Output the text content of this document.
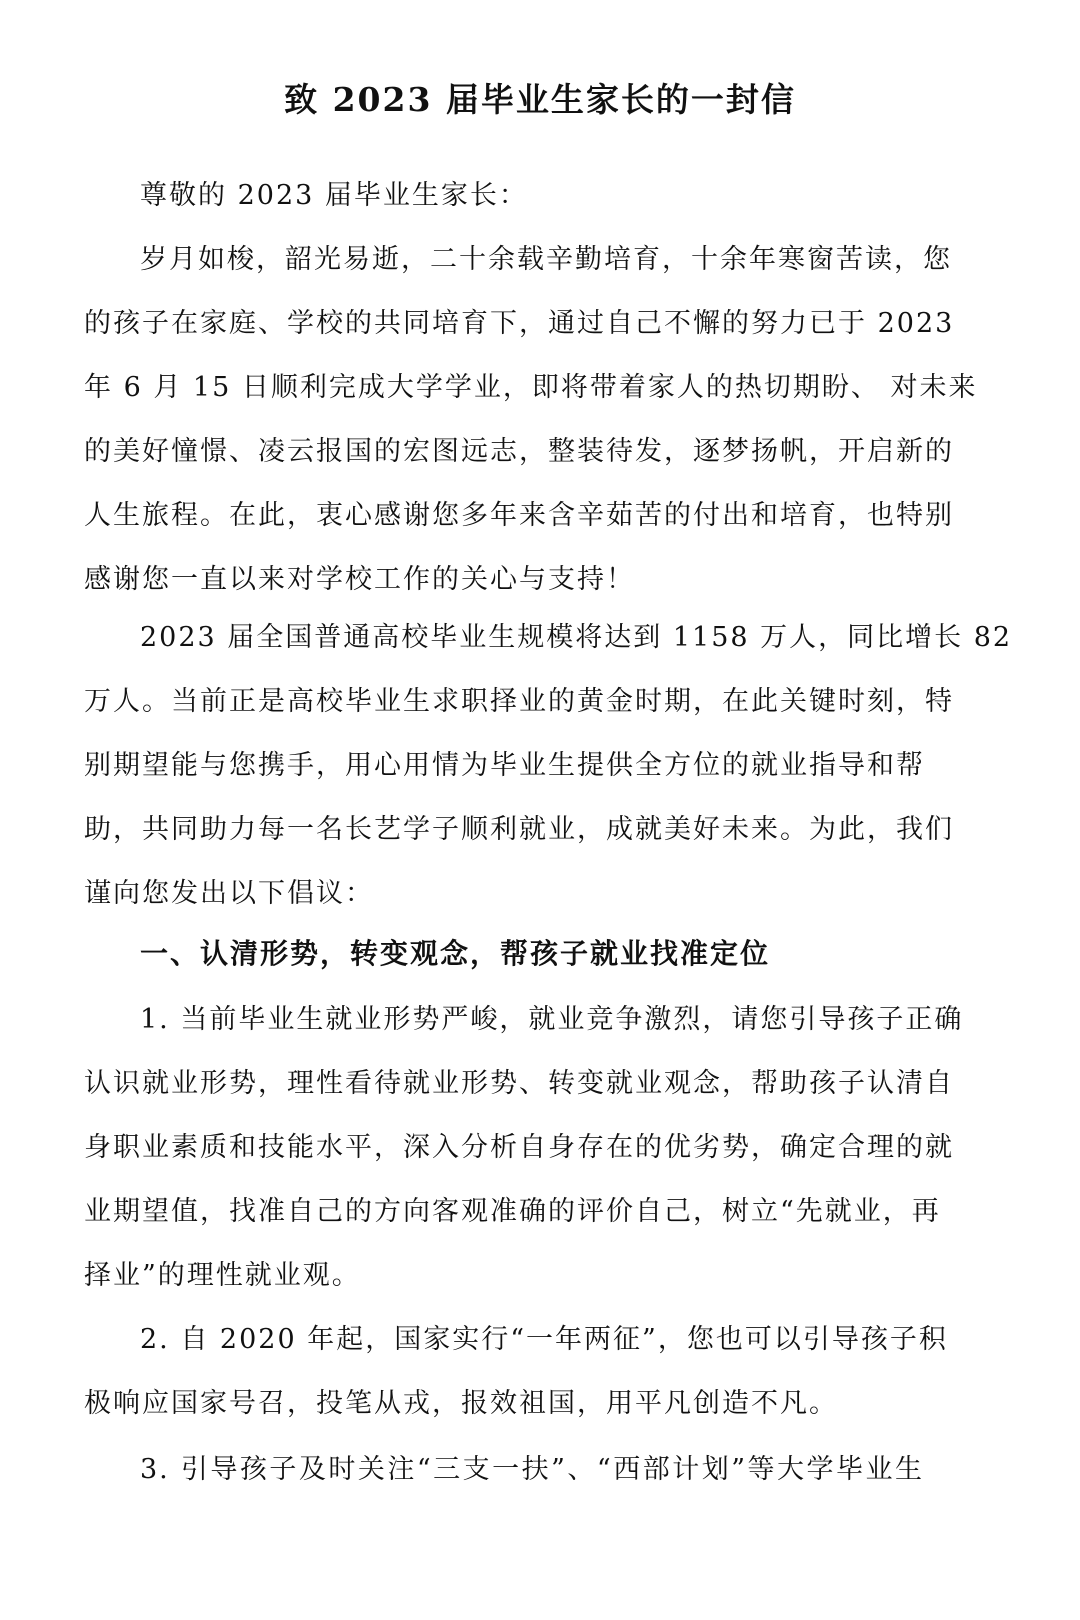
致 2023 届毕业生家长的一封信
尊敬的 2023 届毕业生家长：
岁月如梭，韶光易逝，二十余载辛勤培育，十余年寒窗苦读，您
的孩子在家庭、学校的共同培育下，通过自己不懈的努力已于 2023
年 6 月 15 日顺利完成大学学业，即将带着家人的热切期盼、 对未来
的美好憧憬、凌云报国的宏图远志，整装待发，逐梦扬帆，开启新的
人生旅程。在此，衷心感谢您多年来含辛茹苦的付出和培育，也特别
感谢您一直以来对学校工作的关心与支持！
2023 届全国普通高校毕业生规模将达到 1158 万人，同比增长 82
万人。当前正是高校毕业生求职择业的黄金时期，在此关键时刻，特
别期望能与您携手，用心用情为毕业生提供全方位的就业指导和帮
助，共同助力每一名长艺学子顺利就业，成就美好未来。为此，我们
谨向您发出以下倡议：
一、认清形势，转变观念，帮孩子就业找准定位
1. 当前毕业生就业形势严峻，就业竞争激烈，请您引导孩子正确
认识就业形势，理性看待就业形势、转变就业观念，帮助孩子认清自
身职业素质和技能水平，深入分析自身存在的优劣势，确定合理的就
业期望值，找准自己的方向客观准确的评价自己，树立“先就业，再
择业”的理性就业观。
2. 自 2020 年起，国家实行“一年两征”，您也可以引导孩子积
极响应国家号召，投笔从戎，报效祖国，用平凡创造不凡。
3. 引导孩子及时关注“三支一扶”、“西部计划”等大学毕业生
